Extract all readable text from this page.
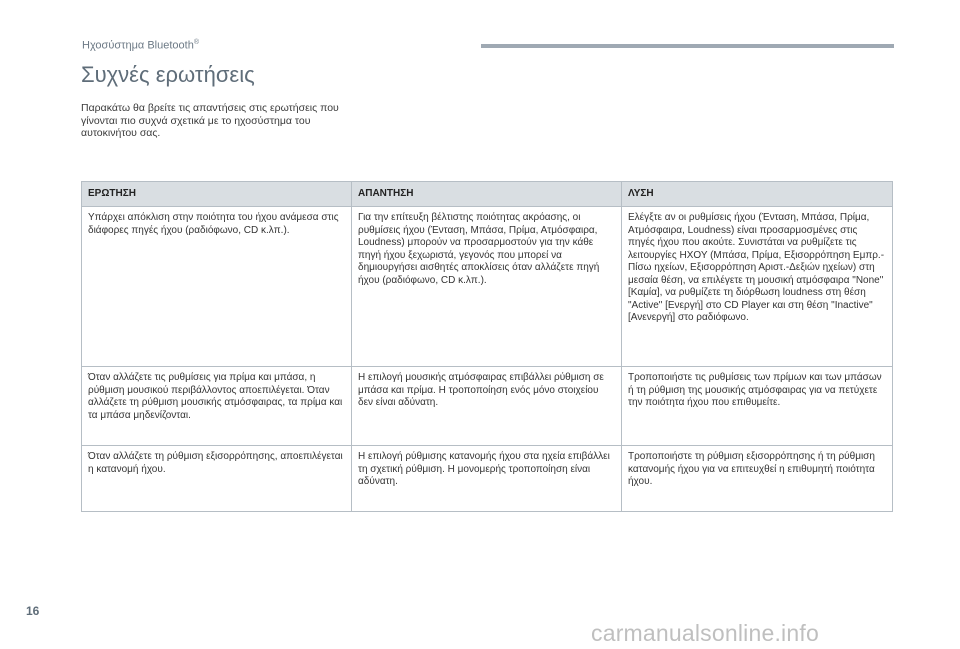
Ηχοσύστημα Bluetooth®
Συχνές ερωτήσεις

Παρακάτω θα βρείτε τις απαντήσεις στις ερωτήσεις που γίνονται πιο συχνά σχετικά με το ηχοσύστημα του αυτοκινήτου σας.

ΕΡΩΤΗΣΗ	ΑΠΑΝΤΗΣΗ	ΛΥΣΗ
Υπάρχει απόκλιση στην ποιότητα του ήχου ανάμεσα στις διάφορες πηγές ήχου (ραδιόφωνο, CD κ.λπ.).
Για την επίτευξη βέλτιστης ποιότητας ακρόασης, οι ρυθμίσεις ήχου (Ένταση, Μπάσα, Πρίμα, Ατμόσφαιρα, Loudness) μπορούν να προσαρμοστούν για την κάθε πηγή ήχου ξεχωριστά, γεγονός που μπορεί να δημιουργήσει αισθητές αποκλίσεις όταν αλλάζετε πηγή ήχου (ραδιόφωνο, CD κ.λπ.).
Ελέγξτε αν οι ρυθμίσεις ήχου (Ένταση, Μπάσα, Πρίμα, Ατμόσφαιρα, Loudness) είναι προσαρμοσμένες στις πηγές ήχου που ακούτε. Συνιστάται να ρυθμίζετε τις λειτουργίες ΗΧΟΥ (Μπάσα, Πρίμα, Εξισορρόπηση Εμπρ.-Πίσω ηχείων, Εξισορρόπηση Αριστ.-Δεξιών ηχείων) στη μεσαία θέση, να επιλέγετε τη μουσική ατμόσφαιρα "None" [Καμία], να ρυθμίζετε τη διόρθωση loudness στη θέση "Active" [Ενεργή] στο CD Player και στη θέση "Inactive" [Ανενεργή] στο ραδιόφωνο.
Όταν αλλάζετε τις ρυθμίσεις για πρίμα και μπάσα, η ρύθμιση μουσικού περιβάλλοντος αποεπιλέγεται. Όταν αλλάζετε τη ρύθμιση μουσικής ατμόσφαιρας, τα πρίμα και τα μπάσα μηδενίζονται.
Η επιλογή μουσικής ατμόσφαιρας επιβάλλει ρύθμιση σε μπάσα και πρίμα. Η τροποποίηση ενός μόνο στοιχείου δεν είναι αδύνατη.
Τροποποιήστε τις ρυθμίσεις των πρίμων και των μπάσων ή τη ρύθμιση της μουσικής ατμόσφαιρας για να πετύχετε την ποιότητα ήχου που επιθυμείτε.
Όταν αλλάζετε τη ρύθμιση εξισορρόπησης, αποεπιλέγεται η κατανομή ήχου.
Η επιλογή ρύθμισης κατανομής ήχου στα ηχεία επιβάλλει τη σχετική ρύθμιση. Η μονομερής τροποποίηση είναι αδύνατη.
Τροποποιήστε τη ρύθμιση εξισορρόπησης ή τη ρύθμιση κατανομής ήχου για να επιτευχθεί η επιθυμητή ποιότητα ήχου.
16
carmanualsonline.info
